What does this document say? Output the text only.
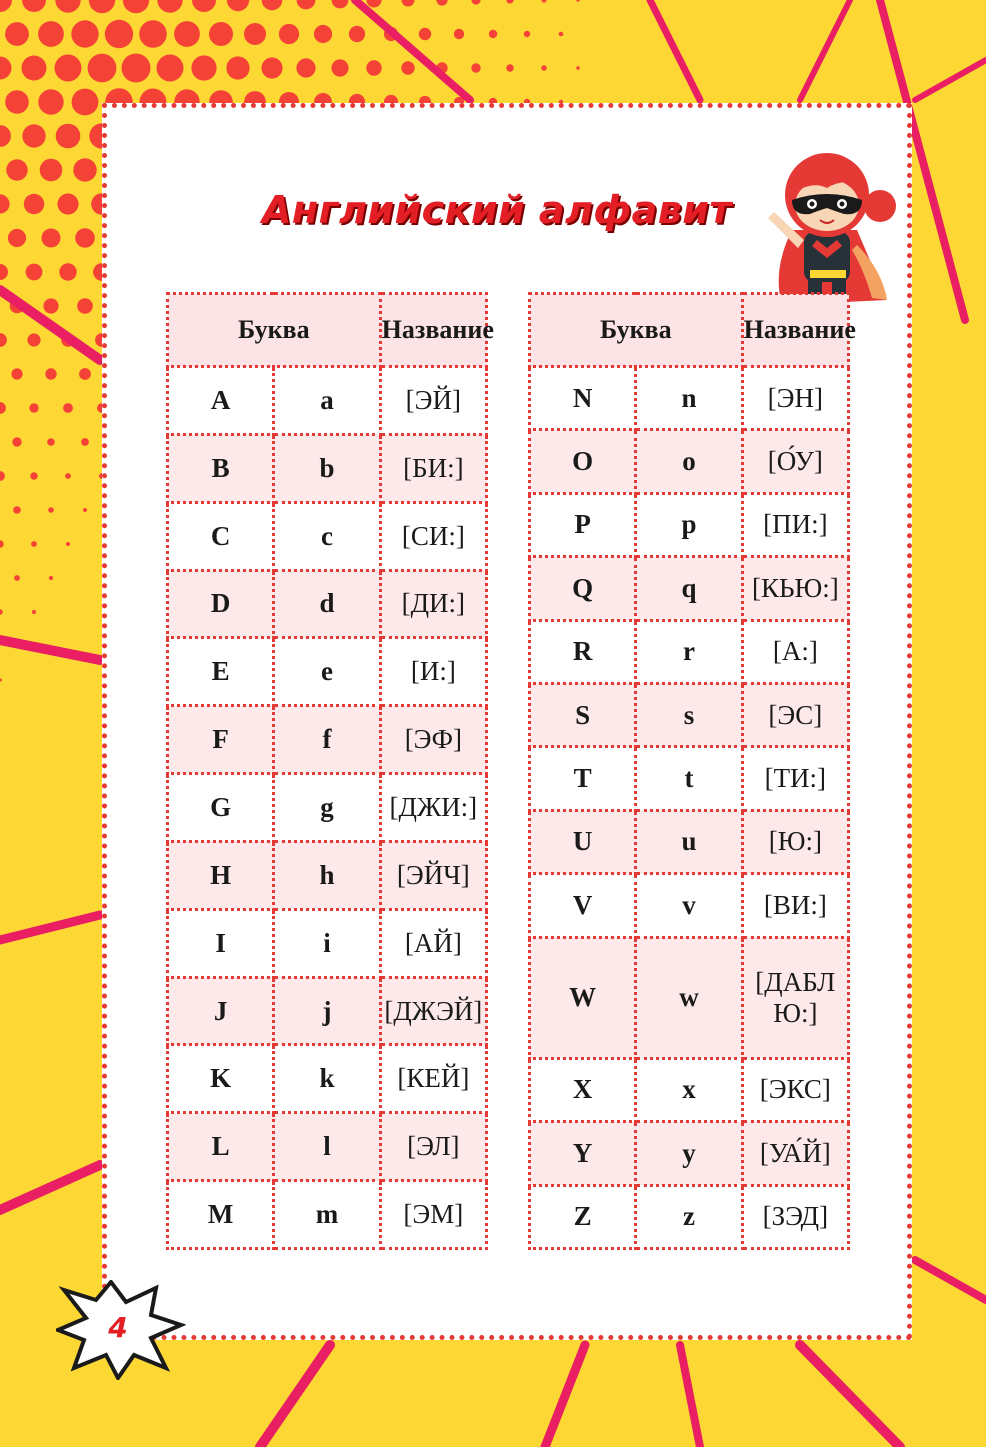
Английский алфавит
Буква		Название
A	a	[ЭЙ]
B	b	[БИ:]
C	c	[СИ:]
D	d	[ДИ:]
E	e	[И:]
F	f	[ЭФ]
G	g	[ДЖИ:]
H	h	[ЭЙЧ]
I	i	[АЙ]
J	j	[ДЖЭЙ]
K	k	[КЕЙ]
L	l	[ЭЛ]
M	m	[ЭМ]
Буква		Название
N	n	[ЭН]
O	o	[О́У]
P	p	[ПИ:]
Q	q	[КЬЮ:]
R	r	[А:]
S	s	[ЭС]
T	t	[ТИ:]
U	u	[Ю:]
V	v	[ВИ:]
W	w	[ДАБЛ Ю:]
X	x	[ЭКС]
Y	y	[УА́Й]
Z	z	[ЗЭД]
4
